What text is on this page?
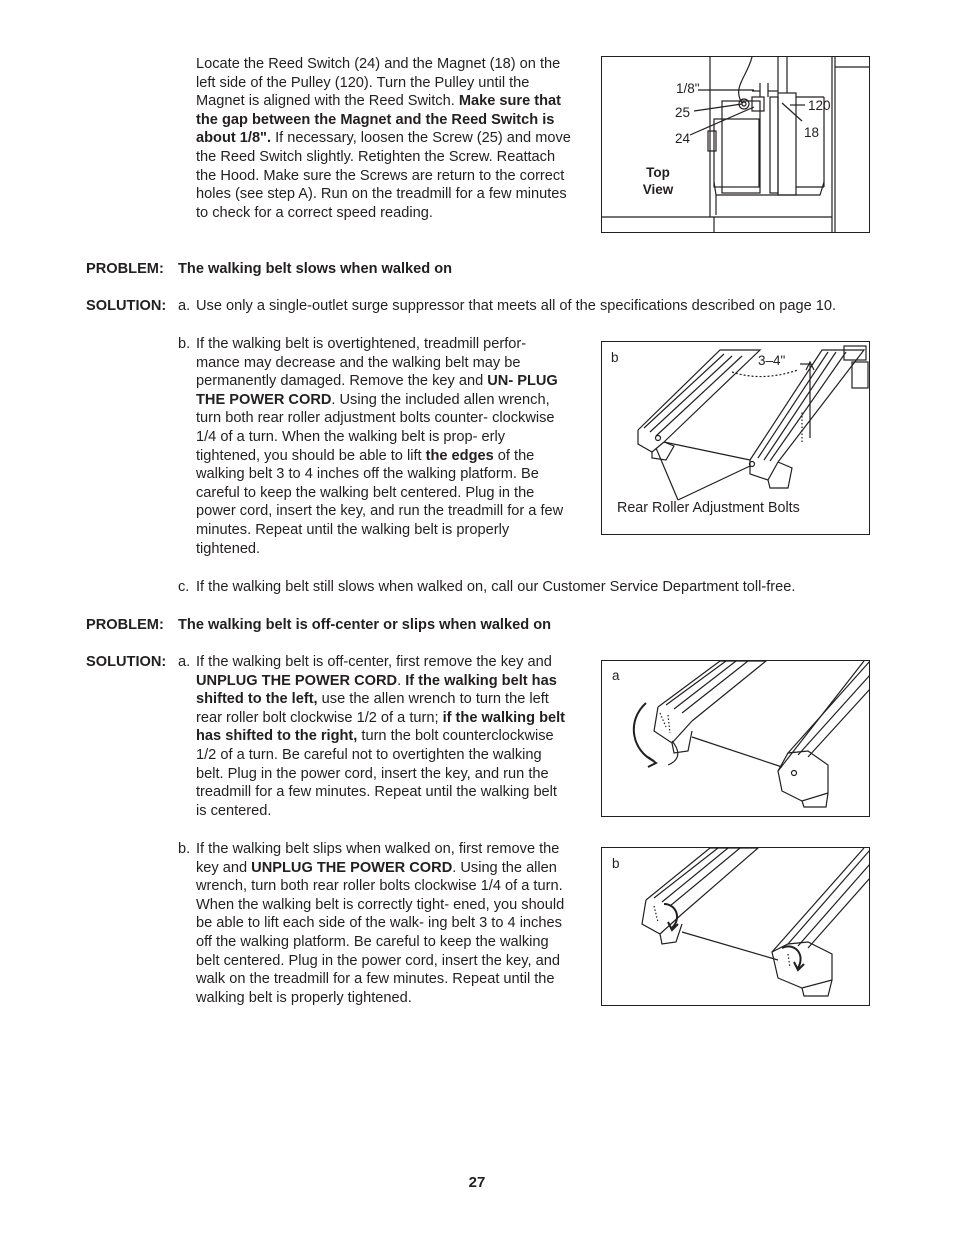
Locate the Reed Switch (24) and the Magnet (18) on the left side of the Pulley (120). Turn the Pulley until the Magnet is aligned with the Reed Switch. Make sure that the gap between the Magnet and the Reed Switch is about 1/8". If necessary, loosen the Screw (25) and move the Reed Switch slightly. Retighten the Screw. Reattach the Hood. Make sure the Screws are return to the correct holes (see step A). Run on the treadmill for a few minutes to check for a correct speed reading.

1/8"
25
24
120
18
Top
View
PROBLEM: The walking belt slows when walked on
SOLUTION: a. Use only a single-outlet surge suppressor that meets all of the specifications described on page 10.
b. If the walking belt is overtightened, treadmill perfor- mance may decrease and the walking belt may be permanently damaged. Remove the key and UN- PLUG THE POWER CORD. Using the included allen wrench, turn both rear roller adjustment bolts counter- clockwise 1/4 of a turn. When the walking belt is prop- erly tightened, you should be able to lift the edges of the walking belt 3 to 4 inches off the walking platform. Be careful to keep the walking belt centered. Plug in the power cord, insert the key, and run the treadmill for a few minutes. Repeat until the walking belt is properly tightened.
b	3–4"
Rear Roller Adjustment Bolts
c. If the walking belt still slows when walked on, call our Customer Service Department toll-free.
PROBLEM: The walking belt is off-center or slips when walked on
SOLUTION: a. If the walking belt is off-center, first remove the key and UNPLUG THE POWER CORD. If the walking belt has shifted to the left, use the allen wrench to turn the left rear roller bolt clockwise 1/2 of a turn; if the walking belt has shifted to the right, turn the bolt counterclockwise 1/2 of a turn. Be careful not to overtighten the walking belt. Plug in the power cord, insert the key, and run the treadmill for a few minutes. Repeat until the walking belt is centered.
a
b. If the walking belt slips when walked on, first remove the key and UNPLUG THE POWER CORD. Using the allen wrench, turn both rear roller bolts clockwise 1/4 of a turn. When the walking belt is correctly tight- ened, you should be able to lift each side of the walk- ing belt 3 to 4 inches off the walking platform. Be careful to keep the walking belt centered. Plug in the power cord, insert the key, and walk on the treadmill for a few minutes. Repeat until the walking belt is properly tightened.
b
27
